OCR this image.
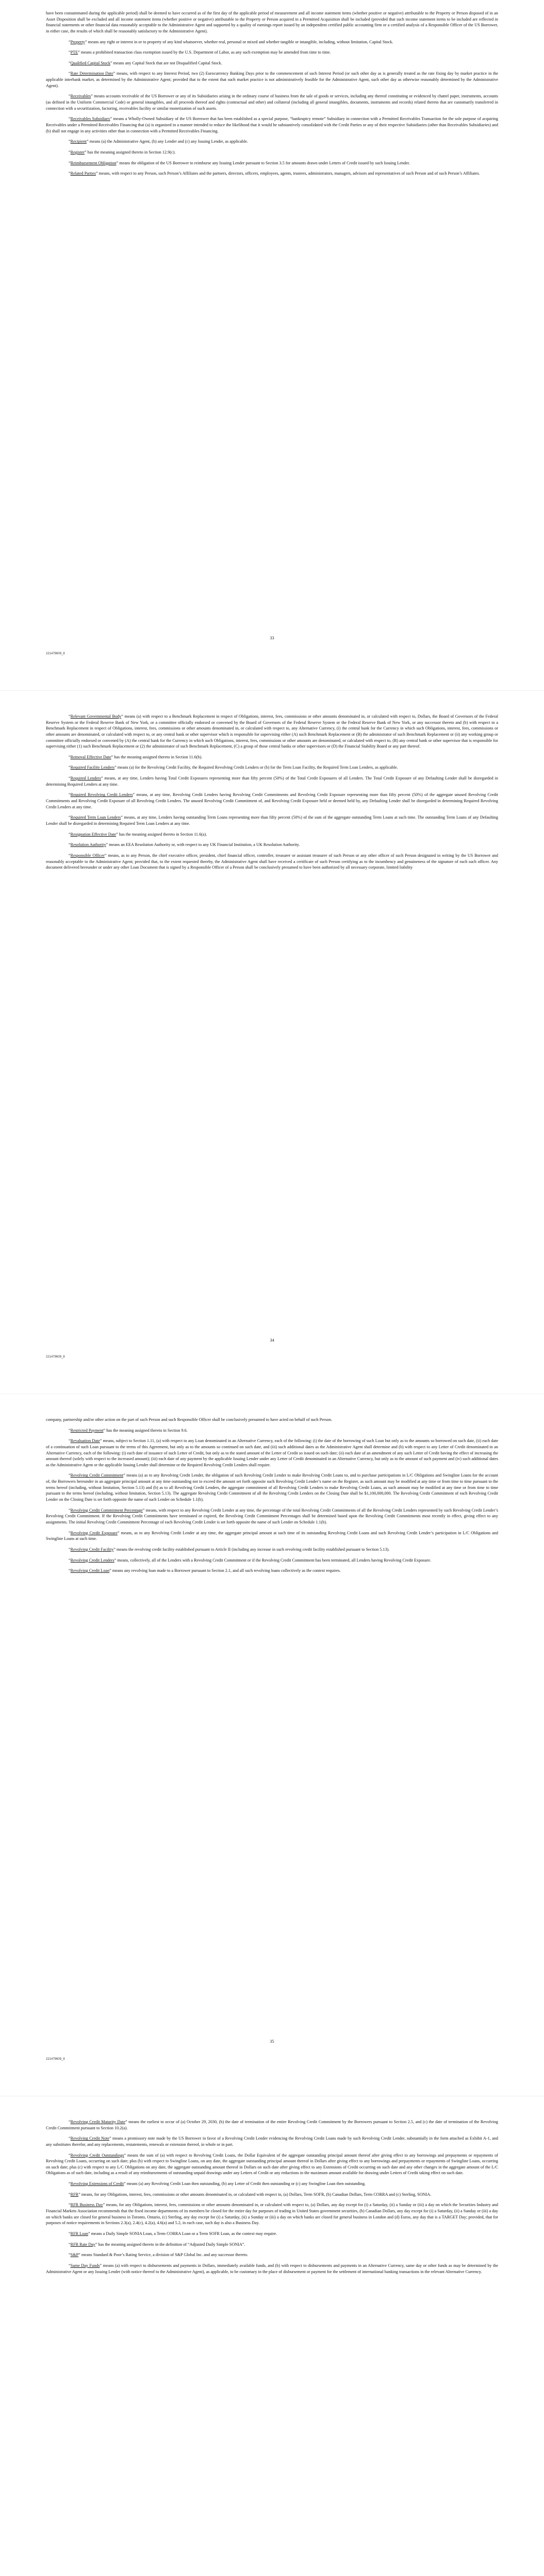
have been consummated during the applicable period) shall be deemed to have occurred as of the first day of the applicable period of measurement and all income statement items (whether positive or negative) attributable to the Property or Person disposed of in an Asset Disposition shall be excluded and all income statement items (whether positive or negative) attributable to the Property or Person acquired in a Permitted Acquisition shall be included (provided that such income statement items to be included are reflected in financial statements or other financial data reasonably acceptable to the Administrative Agent and supported by a quality of earnings report issued by an independent certified public accounting firm or a certified analysis of a Responsible Officer of the US Borrower, in either case, the results of which shall be reasonably satisfactory to the Administrative Agent).

“Property” means any right or interest in or to property of any kind whatsoever, whether real, personal or mixed and whether tangible or intangible, including, without limitation, Capital Stock.

“PTE” means a prohibited transaction class exemption issued by the U.S. Department of Labor, as any such exemption may be amended from time to time.

“Qualified Capital Stock” means any Capital Stock that are not Disqualified Capital Stock.

“Rate Determination Date” means, with respect to any Interest Period, two (2) Eurocurrency Banking Days prior to the commencement of such Interest Period (or such other day as is generally treated as the rate fixing day by market practice in the applicable interbank market, as determined by the Administrative Agent; provided that to the extent that such market practice is not administratively feasible for the Administrative Agent, such other day as otherwise reasonably determined by the Administrative Agent).

“Receivables” means accounts receivable of the US Borrower or any of its Subsidiaries arising in the ordinary course of business from the sale of goods or services, including any thereof constituting or evidenced by chattel paper, instruments, accounts (as defined in the Uniform Commercial Code) or general intangibles, and all proceeds thereof and rights (contractual and other) and collateral (including all general intangibles, documents, instruments and records) related thereto that are customarily transferred in connection with a securitization, factoring, receivables facility or similar monetization of such assets.

“Receivables Subsidiary” means a Wholly-Owned Subsidiary of the US Borrower that has been established as a special purpose, “bankruptcy remote” Subsidiary in connection with a Permitted Receivables Transaction for the sole purpose of acquiring Receivables under a Permitted Receivables Financing that (a) is organized in a manner intended to reduce the likelihood that it would be substantively consolidated with the Credit Parties or any of their respective Subsidiaries (other than Receivables Subsidiaries) and (b) shall not engage in any activities other than in connection with a Permitted Receivables Financing.

“Recipient” means (a) the Administrative Agent, (b) any Lender and (c) any Issuing Lender, as applicable.

“Register” has the meaning assigned thereto in Section 12.9(c).

“Reimbursement Obligation” means the obligation of the US Borrower to reimburse any Issuing Lender pursuant to Section 3.5 for amounts drawn under Letters of Credit issued by such Issuing Lender.

“Related Parties” means, with respect to any Person, such Person’s Affiliates and the partners, directors, officers, employees, agents, trustees, administrators, managers, advisors and representatives of such Person and of such Person’s Affiliates.

33
221479609_8

“Relevant Governmental Body” means (a) with respect to a Benchmark Replacement in respect of Obligations, interest, fees, commissions or other amounts denominated in, or calculated with respect to, Dollars, the Board of Governors of the Federal Reserve System or the Federal Reserve Bank of New York, or a committee officially endorsed or convened by the Board of Governors of the Federal Reserve System or the Federal Reserve Bank of New York, or any successor thereto and (b) with respect to a Benchmark Replacement in respect of Obligations, interest, fees, commissions or other amounts denominated in, or calculated with respect to, any Alternative Currency, (i) the central bank for the Currency in which such Obligations, interest, fees, commissions or other amounts are denominated, or calculated with respect to, or any central bank or other supervisor which is responsible for supervising either (A) such Benchmark Replacement or (B) the administrator of such Benchmark Replacement or (ii) any working group or committee officially endorsed or convened by (A) the central bank for the Currency in which such Obligations, interest, fees, commissions or other amounts are denominated, or calculated with respect to, (B) any central bank or other supervisor that is responsible for supervising either (1) such Benchmark Replacement or (2) the administrator of such Benchmark Replacement, (C) a group of those central banks or other supervisors or (D) the Financial Stability Board or any part thereof.

“Removal Effective Date” has the meaning assigned thereto in Section 11.6(b).

“Required Facility Lenders” means (a) for the Revolving Credit Facility, the Required Revolving Credit Lenders or (b) for the Term Loan Facility, the Required Term Loan Lenders, as applicable.

“Required Lenders” means, at any time, Lenders having Total Credit Exposures representing more than fifty percent (50%) of the Total Credit Exposures of all Lenders. The Total Credit Exposure of any Defaulting Lender shall be disregarded in determining Required Lenders at any time.

“Required Revolving Credit Lenders” means, at any time, Revolving Credit Lenders having Revolving Credit Commitments and Revolving Credit Exposure representing more than fifty percent (50%) of the aggregate unused Revolving Credit Commitments and Revolving Credit Exposure of all Revolving Credit Lenders. The unused Revolving Credit Commitment of, and Revolving Credit Exposure held or deemed held by, any Defaulting Lender shall be disregarded in determining Required Revolving Credit Lenders at any time.

“Required Term Loan Lenders” means, at any time, Lenders having outstanding Term Loans representing more than fifty percent (50%) of the sum of the aggregate outstanding Term Loans at such time. The outstanding Term Loans of any Defaulting Lender shall be disregarded in determining Required Term Loan Lenders at any time.

“Resignation Effective Date” has the meaning assigned thereto in Section 11.6(a).

“Resolution Authority” means an EEA Resolution Authority or, with respect to any UK Financial Institution, a UK Resolution Authority.

“Responsible Officer” means, as to any Person, the chief executive officer, president, chief financial officer, controller, treasurer or assistant treasurer of such Person or any other officer of such Person designated in writing by the US Borrower and reasonably acceptable to the Administrative Agent; provided that, to the extent requested thereby, the Administrative Agent shall have received a certificate of such Person certifying as to the incumbency and genuineness of the signature of each such officer. Any document delivered hereunder or under any other Loan Document that is signed by a Responsible Officer of a Person shall be conclusively presumed to have been authorized by all necessary corporate, limited liability

34
221479609_8

company, partnership and/or other action on the part of such Person and such Responsible Officer shall be conclusively presumed to have acted on behalf of such Person.

“Restricted Payment” has the meaning assigned thereto in Section 9.6.

“Revaluation Date” means, subject to Section 1.11, (a) with respect to any Loan denominated in an Alternative Currency, each of the following: (i) the date of the borrowing of such Loan but only as to the amounts so borrowed on such date, (ii) each date of a continuation of such Loan pursuant to the terms of this Agreement, but only as to the amounts so continued on such date, and (iii) such additional dates as the Administrative Agent shall determine and (b) with respect to any Letter of Credit denominated in an Alternative Currency, each of the following: (i) each date of issuance of such Letter of Credit, but only as to the stated amount of the Letter of Credit so issued on such date; (ii) each date of an amendment of any such Letter of Credit having the effect of increasing the amount thereof (solely with respect to the increased amount); (iii) each date of any payment by the applicable Issuing Lender under any Letter of Credit denominated in an Alternative Currency, but only as to the amount of such payment and (iv) such additional dates as the Administrative Agent or the applicable Issuing Lender shall determine or the Required Revolving Credit Lenders shall require.

“Revolving Credit Commitment” means (a) as to any Revolving Credit Lender, the obligation of such Revolving Credit Lender to make Revolving Credit Loans to, and to purchase participations in L/C Obligations and Swingline Loans for the account of, the Borrowers hereunder in an aggregate principal amount at any time outstanding not to exceed the amount set forth opposite such Revolving Credit Lender’s name on the Register, as such amount may be modified at any time or from time to time pursuant to the terms hereof (including, without limitation, Section 5.13) and (b) as to all Revolving Credit Lenders, the aggregate commitment of all Revolving Credit Lenders to make Revolving Credit Loans, as such amount may be modified at any time or from time to time pursuant to the terms hereof (including, without limitation, Section 5.13). The aggregate Revolving Credit Commitment of all the Revolving Credit Lenders on the Closing Date shall be $1,100,000,000. The Revolving Credit Commitment of each Revolving Credit Lender on the Closing Date is set forth opposite the name of such Lender on Schedule 1.1(b).

“Revolving Credit Commitment Percentage” means, with respect to any Revolving Credit Lender at any time, the percentage of the total Revolving Credit Commitments of all the Revolving Credit Lenders represented by such Revolving Credit Lender’s Revolving Credit Commitment. If the Revolving Credit Commitments have terminated or expired, the Revolving Credit Commitment Percentages shall be determined based upon the Revolving Credit Commitments most recently in effect, giving effect to any assignments. The initial Revolving Credit Commitment Percentage of each Revolving Credit Lender is set forth opposite the name of such Lender on Schedule 1.1(b).

“Revolving Credit Exposure” means, as to any Revolving Credit Lender at any time, the aggregate principal amount at such time of its outstanding Revolving Credit Loans and such Revolving Credit Lender’s participation in L/C Obligations and Swingline Loans at such time.

“Revolving Credit Facility” means the revolving credit facility established pursuant to Article II (including any increase in such revolving credit facility established pursuant to Section 5.13).

“Revolving Credit Lenders” means, collectively, all of the Lenders with a Revolving Credit Commitment or if the Revolving Credit Commitment has been terminated, all Lenders having Revolving Credit Exposure.

“Revolving Credit Loan” means any revolving loan made to a Borrower pursuant to Section 2.1, and all such revolving loans collectively as the context requires.

35
221479609_8

“Revolving Credit Maturity Date” means the earliest to occur of (a) October 29, 2030, (b) the date of termination of the entire Revolving Credit Commitment by the Borrowers pursuant to Section 2.5, and (c) the date of termination of the Revolving Credit Commitment pursuant to Section 10.2(a).

“Revolving Credit Note” means a promissory note made by the US Borrower in favor of a Revolving Credit Lender evidencing the Revolving Credit Loans made by such Revolving Credit Lender, substantially in the form attached as Exhibit A-1, and any substitutes therefor, and any replacements, restatements, renewals or extension thereof, in whole or in part.

“Revolving Credit Outstandings” means the sum of (a) with respect to Revolving Credit Loans, the Dollar Equivalent of the aggregate outstanding principal amount thereof after giving effect to any borrowings and prepayments or repayments of Revolving Credit Loans, occurring on such date; plus (b) with respect to Swingline Loans, on any date, the aggregate outstanding principal amount thereof in Dollars after giving effect to any borrowings and prepayments or repayments of Swingline Loans, occurring on such date; plus (c) with respect to any L/C Obligations on any date, the aggregate outstanding amount thereof in Dollars on such date after giving effect to any Extensions of Credit occurring on such date and any other changes in the aggregate amount of the L/C Obligations as of such date, including as a result of any reimbursements of outstanding unpaid drawings under any Letters of Credit or any reductions in the maximum amount available for drawing under Letters of Credit taking effect on such date.

“Revolving Extensions of Credit” means (a) any Revolving Credit Loan then outstanding, (b) any Letter of Credit then outstanding or (c) any Swingline Loan then outstanding.

“RFR” means, for any Obligations, interest, fees, commissions or other amounts denominated in, or calculated with respect to, (a) Dollars, Term SOFR, (b) Canadian Dollars, Term CORRA and (c) Sterling, SONIA.

“RFR Business Day” means, for any Obligations, interest, fees, commissions or other amounts denominated in, or calculated with respect to, (a) Dollars, any day except for (i) a Saturday, (ii) a Sunday or (iii) a day on which the Securities Industry and Financial Markets Association recommends that the fixed income departments of its members be closed for the entire day for purposes of trading in United States government securities, (b) Canadian Dollars, any day except for (i) a Saturday, (ii) a Sunday or (iii) a day on which banks are closed for general business in Toronto, Ontario, (c) Sterling, any day except for (i) a Saturday, (ii) a Sunday or (iii) a day on which banks are closed for general business in London and (d) Euros, any day that is a TARGET Day; provided, that for purposes of notice requirements in Sections 2.3(a), 2.4(c), 4.2(a), 4.6(a) and 5.2, in each case, such day is also a Business Day.

“RFR Loan” means a Daily Simple SONIA Loan, a Term CORRA Loan or a Term SOFR Loan, as the context may require.

“RFR Rate Day” has the meaning assigned thereto in the definition of “Adjusted Daily Simple SONIA”.

“S&P” means Standard & Poor’s Rating Service, a division of S&P Global Inc. and any successor thereto.

“Same Day Funds” means (a) with respect to disbursements and payments in Dollars, immediately available funds, and (b) with respect to disbursements and payments in an Alternative Currency, same day or other funds as may be determined by the Administrative Agent or any Issuing Lender (with notice thereof to the Administrative Agent), as applicable, to be customary in the place of disbursement or payment for the settlement of international banking transactions in the relevant Alternative Currency.
